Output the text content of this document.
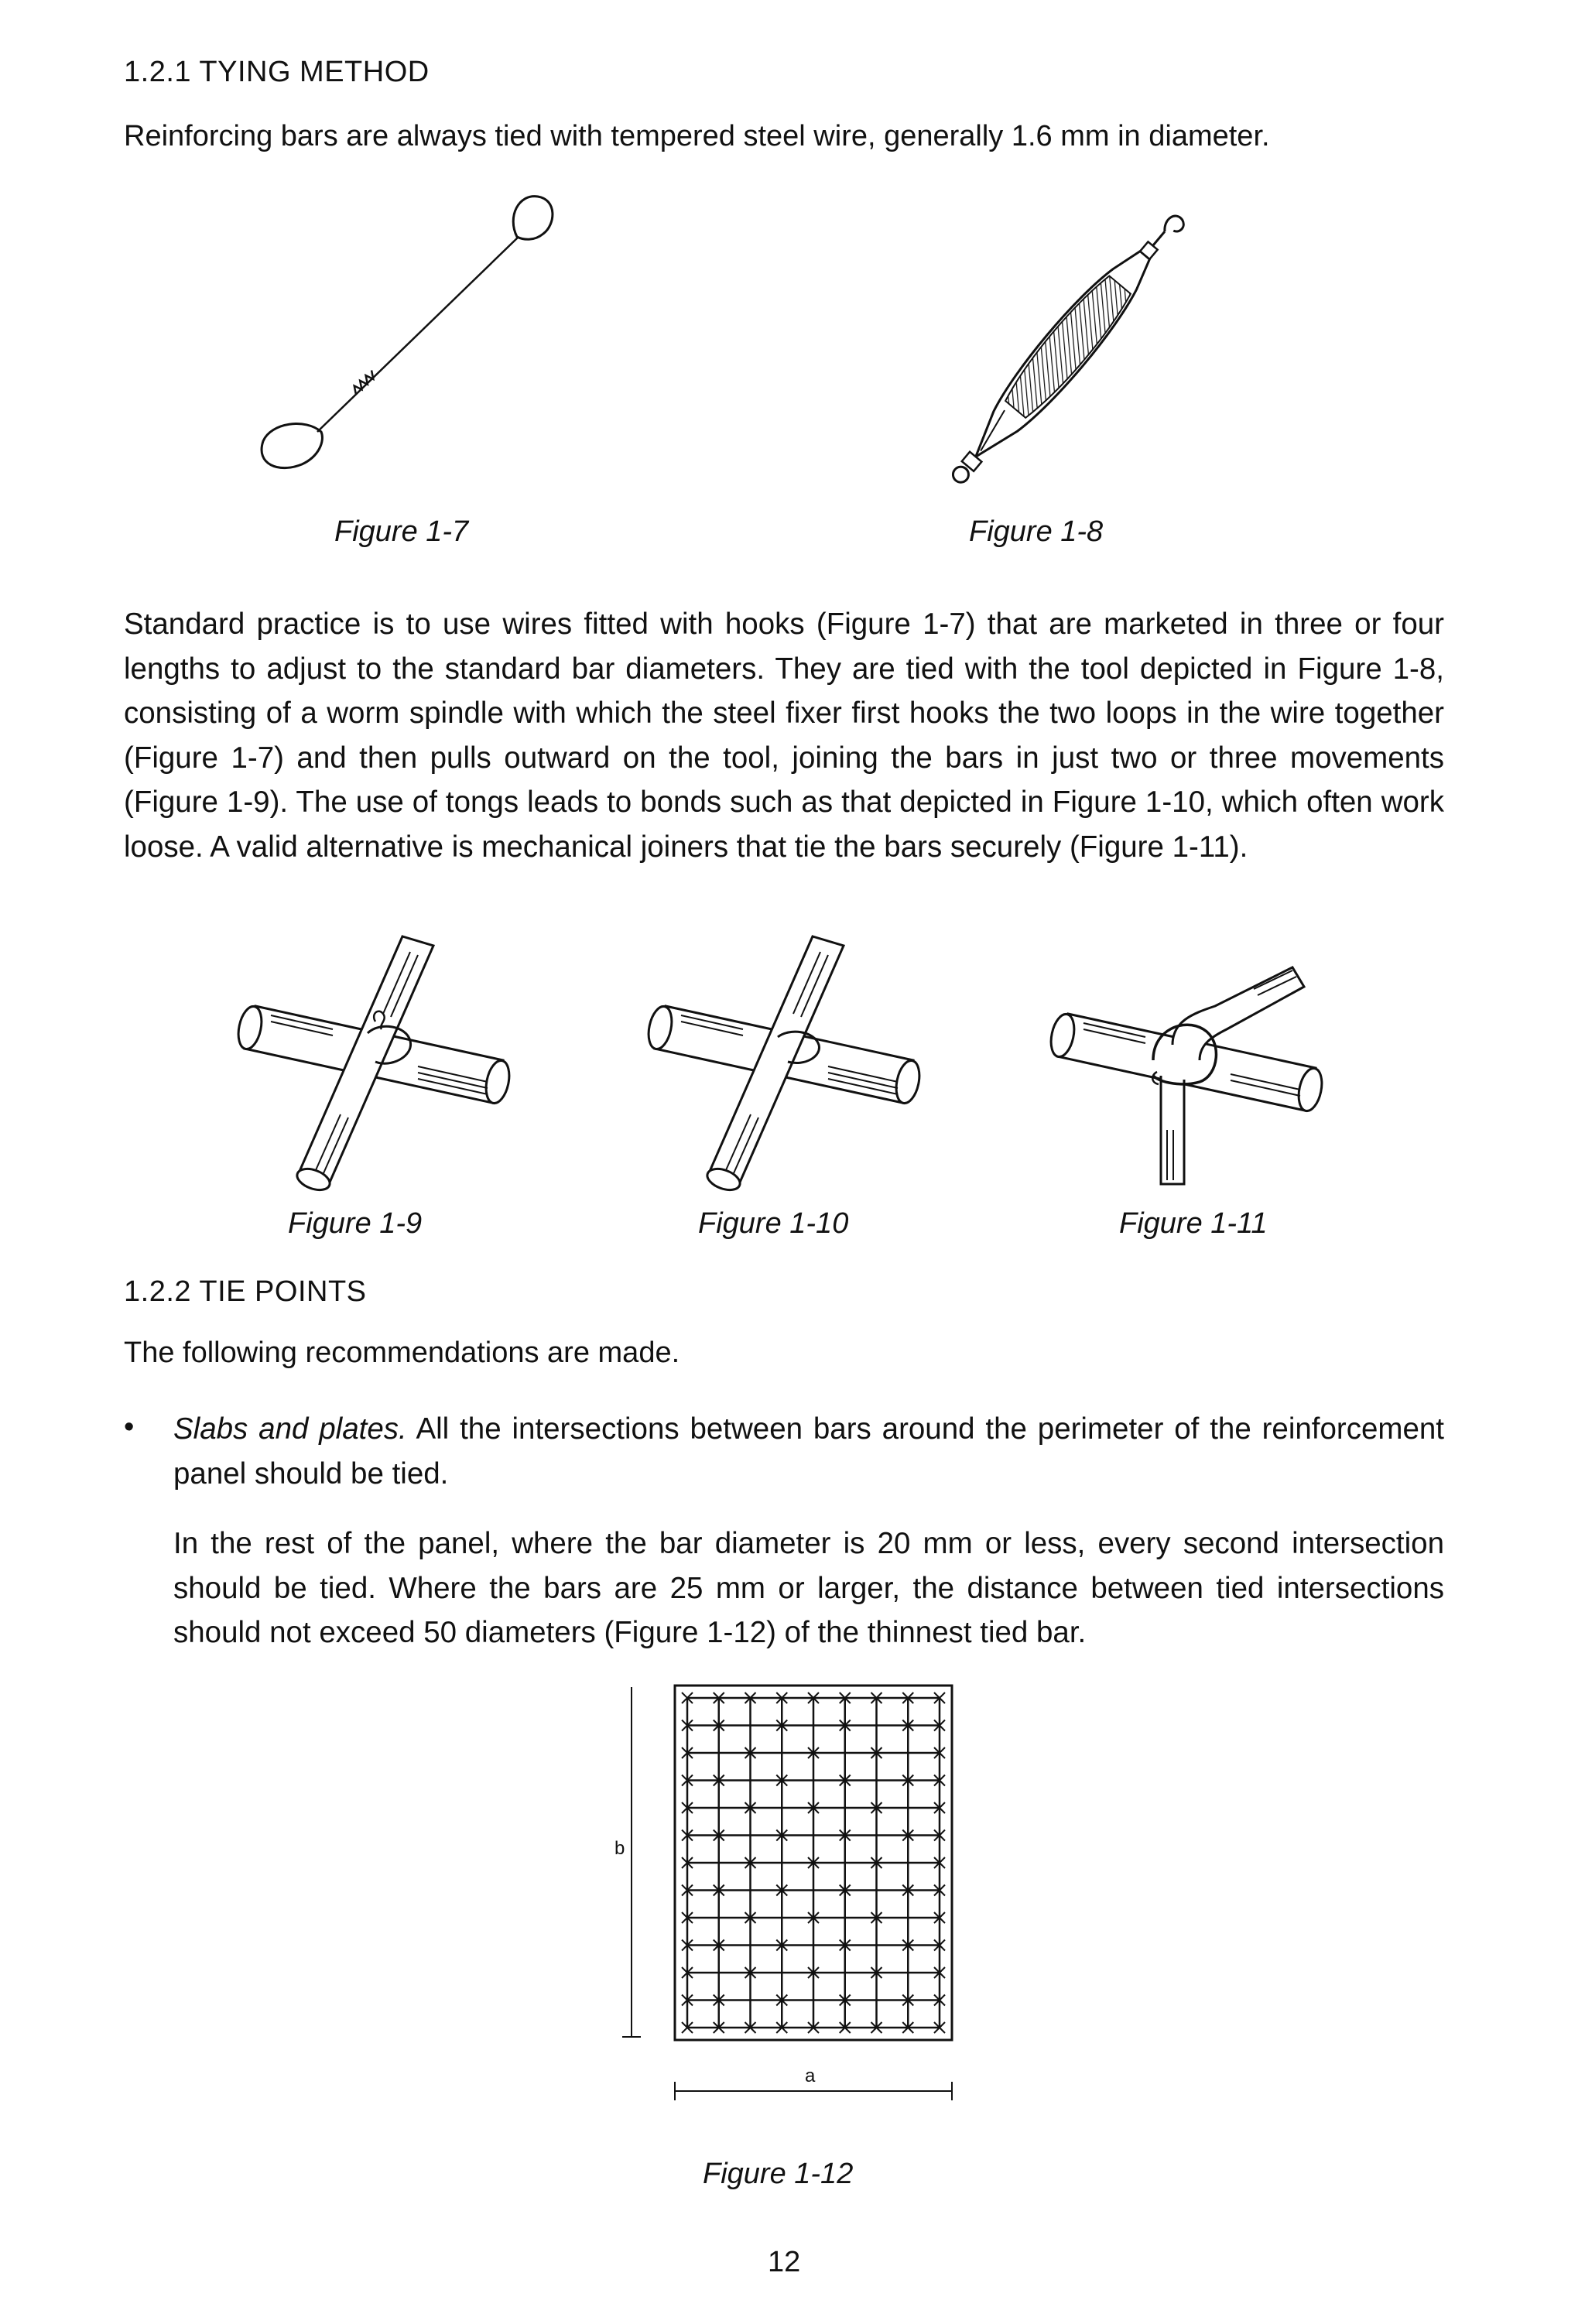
1.2.1 TYING METHOD
Reinforcing bars are always tied with tempered steel wire, generally 1.6 mm in diameter.
Figure 1-7	Figure 1-8
Standard practice is to use wires fitted with hooks (Figure 1-7) that are marketed in three or four lengths to adjust to the standard bar diameters. They are tied with the tool depicted in Figure 1-8, consisting of a worm spindle with which the steel fixer first hooks the two loops in the wire together (Figure 1-7) and then pulls outward on the tool, joining the bars in just two or three movements (Figure 1-9). The use of tongs leads to bonds such as that depicted in Figure 1-10, which often work loose. A valid alternative is mechanical joiners that tie the bars securely (Figure 1-11).
Figure 1-9	Figure 1-10	Figure 1-11
1.2.2 TIE POINTS
The following recommendations are made.
• Slabs and plates. All the intersections between bars around the perimeter of the reinforcement panel should be tied.
In the rest of the panel, where the bar diameter is 20 mm or less, every second intersection should be tied. Where the bars are 25 mm or larger, the distance between tied intersections should not exceed 50 diameters (Figure 1-12) of the thinnest tied bar.
b
a
Figure 1-12
12
